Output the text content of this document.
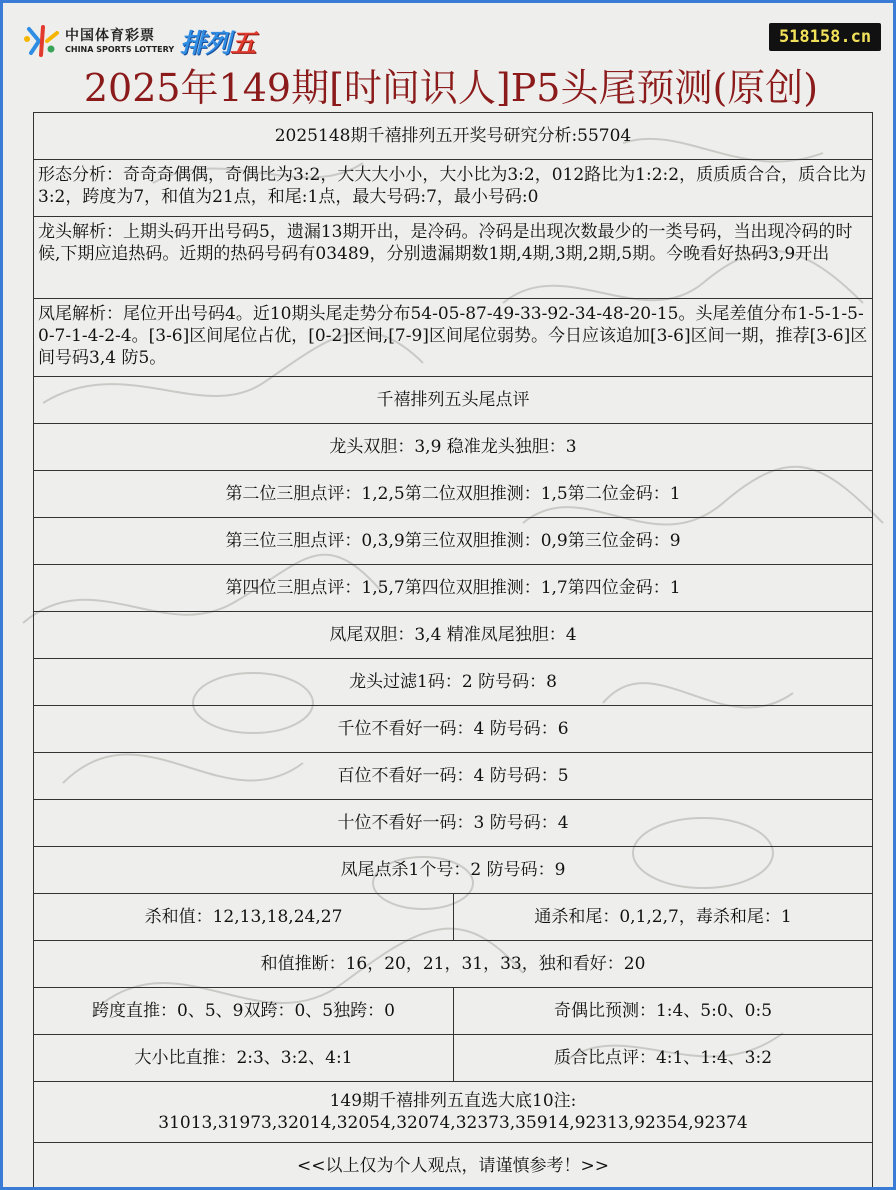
中国体育彩票
CHINA SPORTS LOTTERY 排列五	518158.cn
2025年149期[时间识人]P5头尾预测(原创)
2025148期千禧排列五开奖号研究分析:55704
形态分析：奇奇奇偶偶，奇偶比为3:2，大大大小小，大小比为3:2，012路比为1:2:2，质质质合合，质合比为3:2，跨度为7，和值为21点，和尾:1点，最大号码:7，最小号码:0
龙头解析：上期头码开出号码5，遗漏13期开出，是冷码。冷码是出现次数最少的一类号码，当出现冷码的时候,下期应追热码。近期的热码号码有03489，分别遗漏期数1期,4期,3期,2期,5期。今晚看好热码3,9开出
凤尾解析：尾位开出号码4。近10期头尾走势分布54-05-87-49-33-92-34-48-20-15。头尾差值分布1-5-1-5-0-7-1-4-2-4。[3-6]区间尾位占优，[0-2]区间,[7-9]区间尾位弱势。今日应该追加[3-6]区间一期，推荐[3-6]区间号码3,4 防5。
千禧排列五头尾点评
龙头双胆：3,9 稳准龙头独胆：3
第二位三胆点评：1,2,5第二位双胆推测：1,5第二位金码：1
第三位三胆点评：0,3,9第三位双胆推测：0,9第三位金码：9
第四位三胆点评：1,5,7第四位双胆推测：1,7第四位金码：1
凤尾双胆：3,4 精准凤尾独胆：4
龙头过滤1码：2 防号码：8
千位不看好一码：4 防号码：6
百位不看好一码：4 防号码：5
十位不看好一码：3 防号码：4
凤尾点杀1个号：2 防号码：9
杀和值：12,13,18,24,27	通杀和尾：0,1,2,7，毒杀和尾：1
和值推断：16，20，21，31，33，独和看好：20
跨度直推：0、5、9双跨：0、5独跨：0	奇偶比预测：1:4、5:0、0:5
大小比直推：2:3、3:2、4:1	质合比点评：4:1、1:4、3:2
149期千禧排列五直选大底10注:
31013,31973,32014,32054,32074,32373,35914,92313,92354,92374
<<以上仅为个人观点，请谨慎参考！>>
